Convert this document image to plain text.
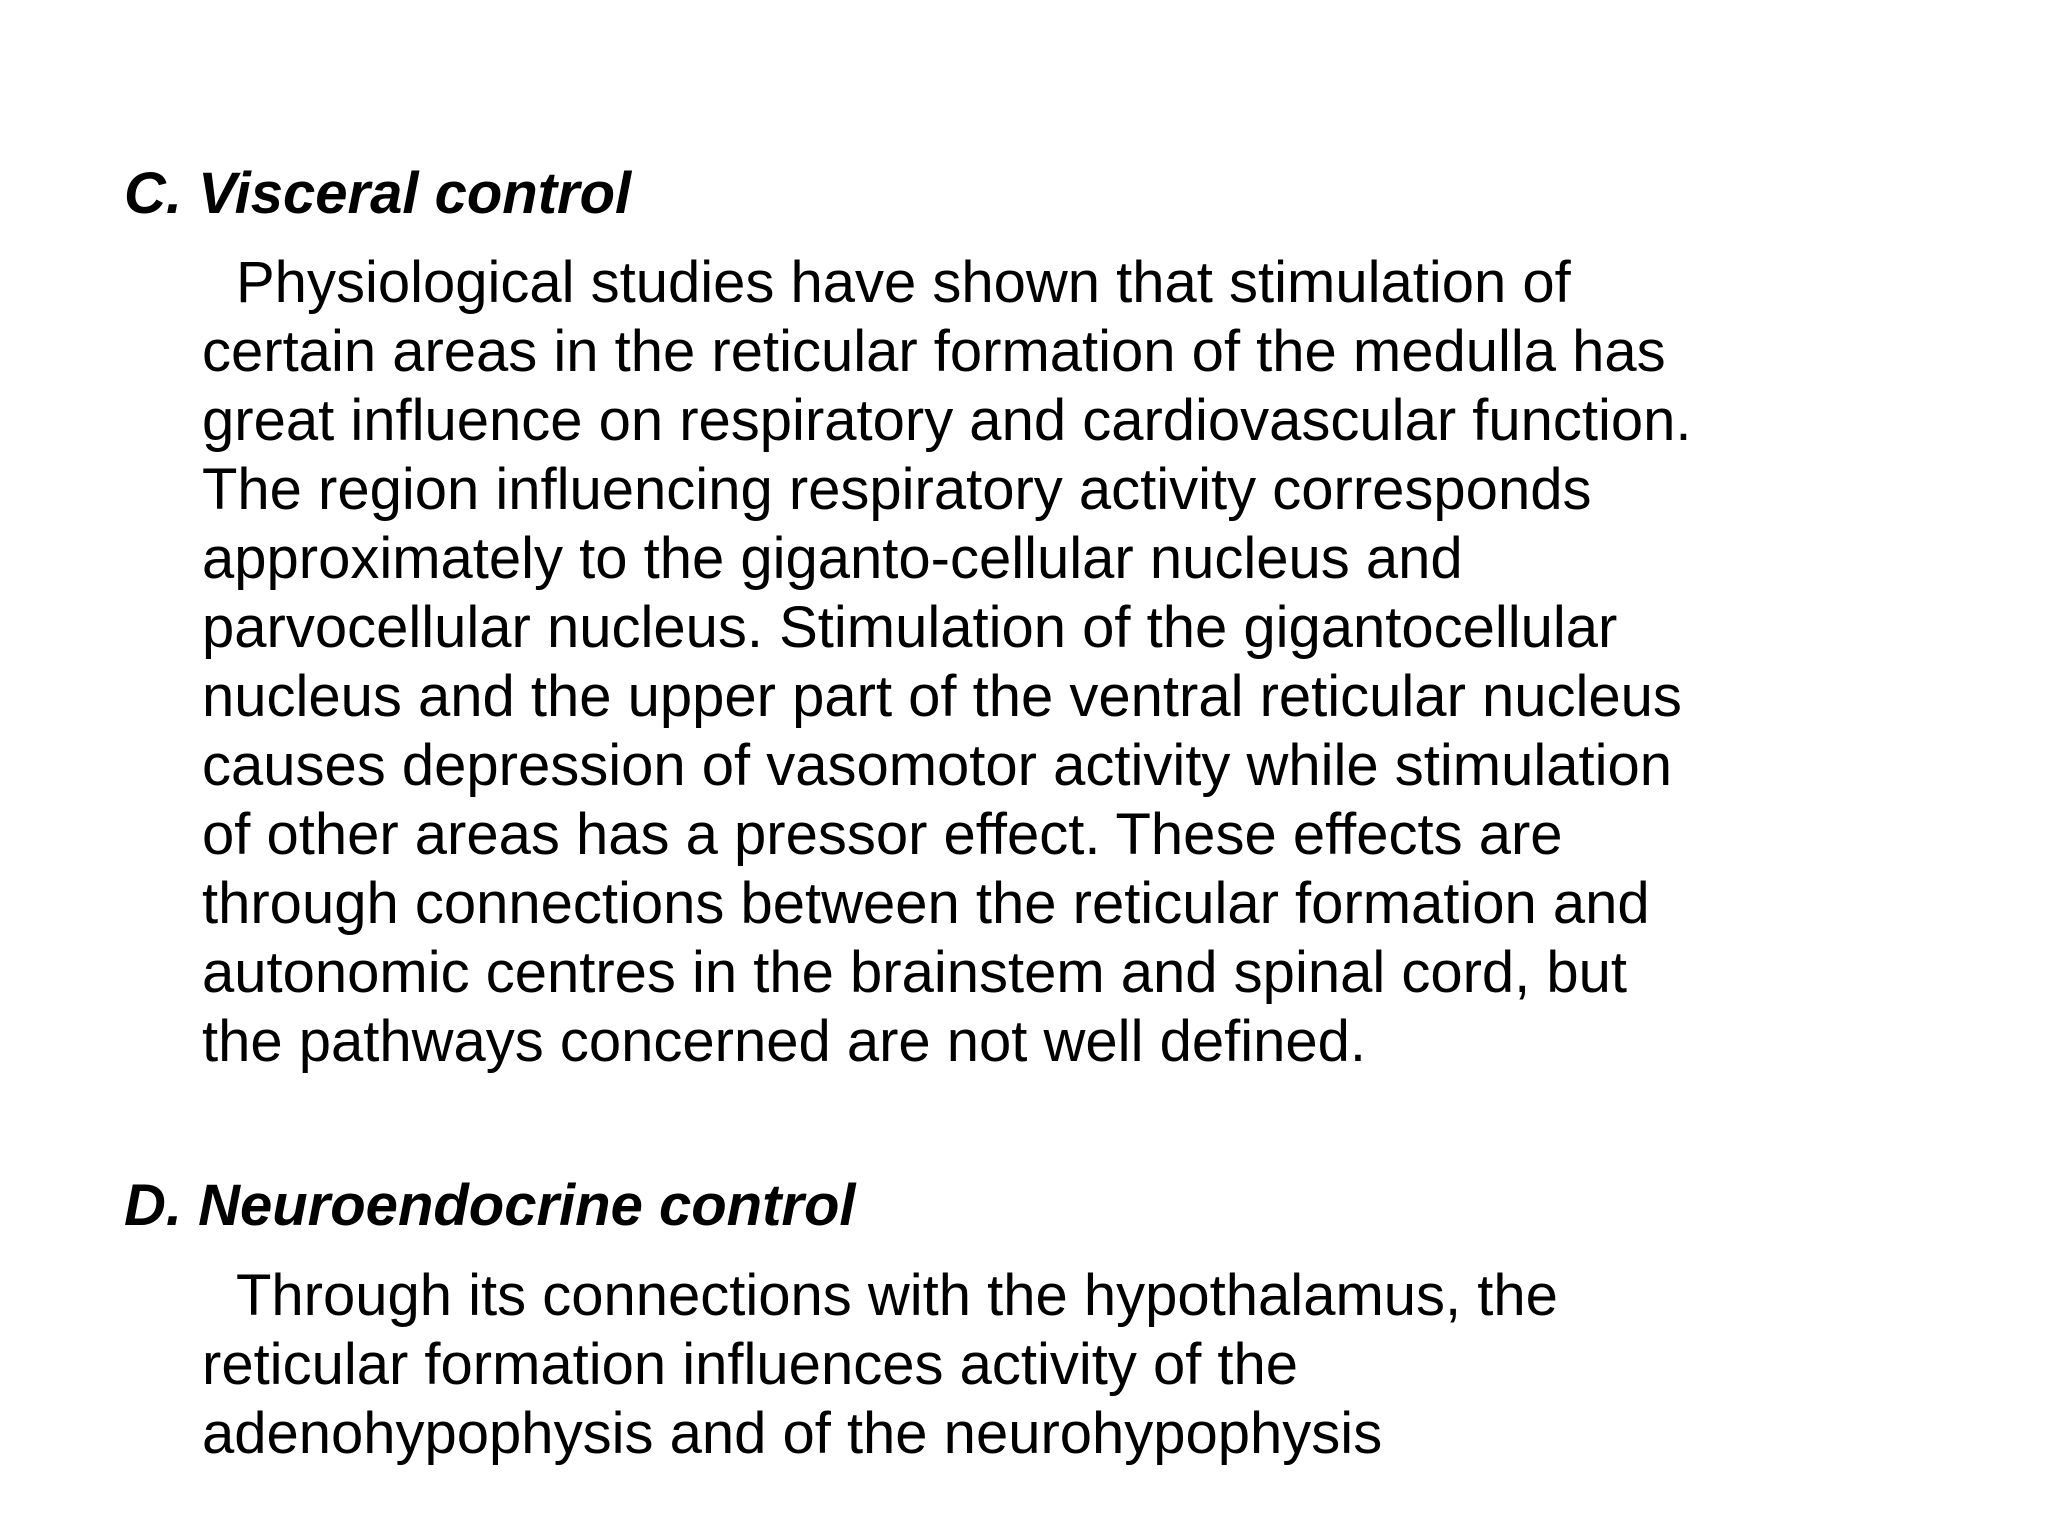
C. Visceral control
Physiological studies have shown that stimulation of
certain areas in the reticular formation of the medulla has
great influence on respiratory and cardiovascular function.
The region influencing respiratory activity corresponds
approximately to the giganto-cellular nucleus and
parvocellular nucleus. Stimulation of the gigantocellular
nucleus and the upper part of the ventral reticular nucleus
causes depression of vasomotor activity while stimulation
of other areas has a pressor effect. These effects are
through connections between the reticular formation and
autonomic centres in the brainstem and spinal cord, but
the pathways concerned are not well defined.
D. Neuroendocrine control
Through its connections with the hypothalamus, the
reticular formation influences activity of the
adenohypophysis and of the neurohypophysis
